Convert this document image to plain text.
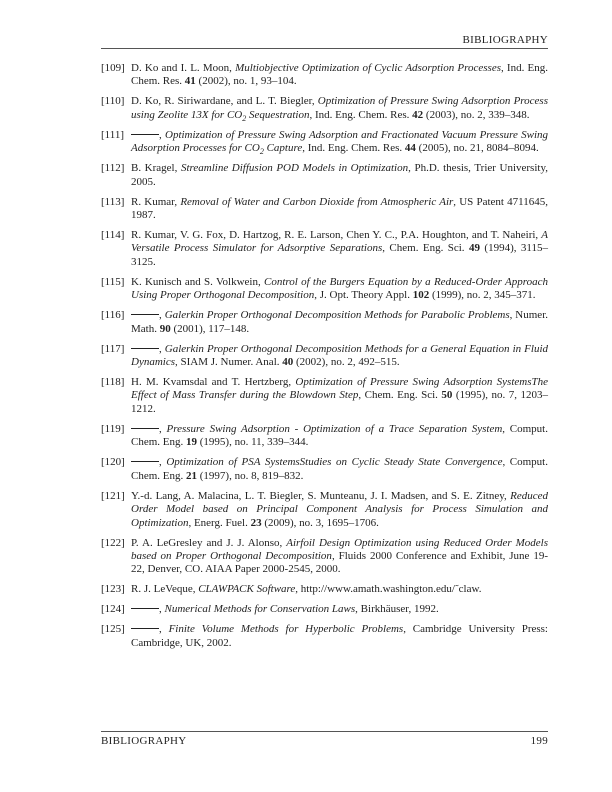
BIBLIOGRAPHY
[109] D. Ko and I. L. Moon, Multiobjective Optimization of Cyclic Adsorption Processes, Ind. Eng. Chem. Res. 41 (2002), no. 1, 93–104.
[110] D. Ko, R. Siriwardane, and L. T. Biegler, Optimization of Pressure Swing Adsorption Process using Zeolite 13X for $CO_2$ Sequestration, Ind. Eng. Chem. Res. 42 (2003), no. 2, 339–348.
[111]	, Optimization of Pressure Swing Adsorption and Fractionated Vacuum Pressure Swing Adsorption Processes for $CO_2$ Capture, Ind. Eng. Chem. Res. 44 (2005), no. 21, 8084–8094.
[112] B. Kragel, Streamline Diffusion POD Models in Optimization, Ph.D. thesis, Trier University, 2005.
[113] R. Kumar, Removal of Water and Carbon Dioxide from Atmospheric Air, US Patent 4711645, 1987.
[114] R. Kumar, V. G. Fox, D. Hartzog, R. E. Larson, Chen Y. C., P.A. Houghton, and T. Naheiri, A Versatile Process Simulator for Adsorptive Separations, Chem. Eng. Sci. 49 (1994), 3115–3125.
[115] K. Kunisch and S. Volkwein, Control of the Burgers Equation by a Reduced-Order Approach Using Proper Orthogonal Decomposition, J. Opt. Theory Appl. 102 (1999), no. 2, 345–371.
[116]	, Galerkin Proper Orthogonal Decomposition Methods for Parabolic Problems, Numer. Math. 90 (2001), 117–148.
[117]	, Galerkin Proper Orthogonal Decomposition Methods for a General Equation in Fluid Dynamics, SIAM J. Numer. Anal. 40 (2002), no. 2, 492–515.
[118] H. M. Kvamsdal and T. Hertzberg, Optimization of Pressure Swing Adsorption SystemsThe Effect of Mass Transfer during the Blowdown Step, Chem. Eng. Sci. 50 (1995), no. 7, 1203–1212.
[119]	, Pressure Swing Adsorption - Optimization of a Trace Separation System, Comput. Chem. Eng. 19 (1995), no. 11, 339–344.
[120]	, Optimization of PSA SystemsStudies on Cyclic Steady State Convergence, Comput. Chem. Eng. 21 (1997), no. 8, 819–832.
[121] Y.-d. Lang, A. Malacina, L. T. Biegler, S. Munteanu, J. I. Madsen, and S. E. Zitney, Reduced Order Model based on Principal Component Analysis for Process Simulation and Optimization, Energ. Fuel. 23 (2009), no. 3, 1695–1706.
[122] P. A. LeGresley and J. J. Alonso, Airfoil Design Optimization using Reduced Order Models based on Proper Orthogonal Decomposition, Fluids 2000 Conference and Exhibit, June 19-22, Denver, CO. AIAA Paper 2000-2545, 2000.
[123] R. J. LeVeque, CLAWPACK Software, http://www.amath.washington.edu/˜claw.
[124]	, Numerical Methods for Conservation Laws, Birkhäuser, 1992.
[125]	, Finite Volume Methods for Hyperbolic Problems, Cambridge University Press: Cambridge, UK, 2002.
BIBLIOGRAPHY	199
